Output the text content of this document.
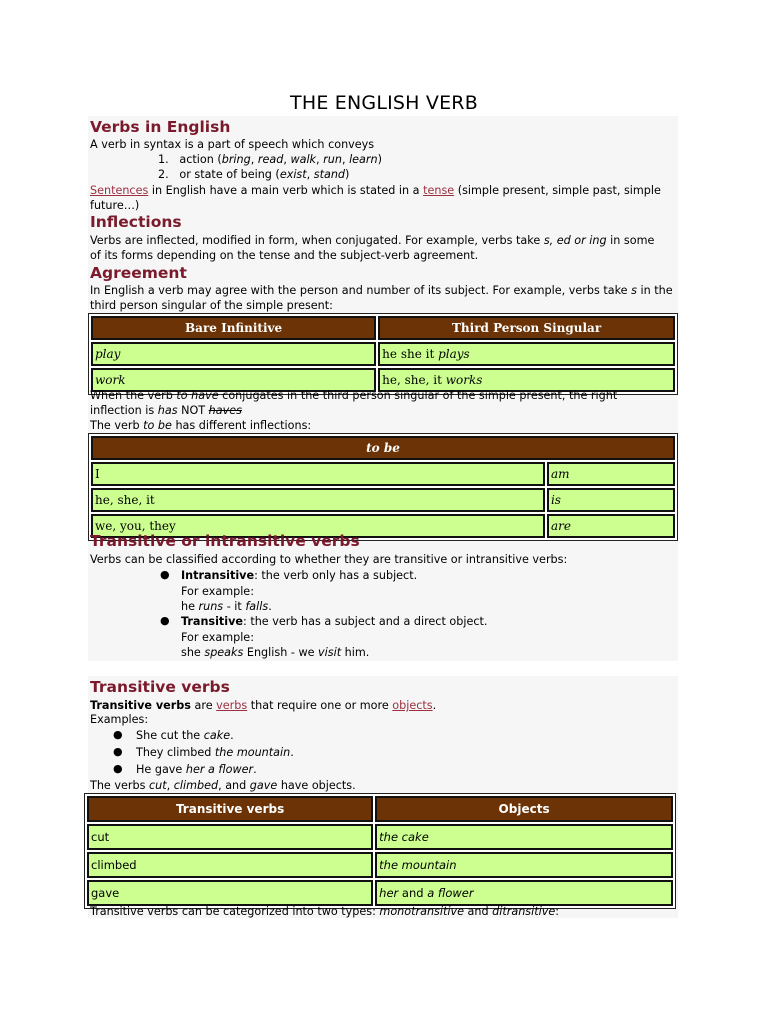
THE ENGLISH VERB
Verbs in English
A verb in syntax is a part of speech which conveys
1. action (bring, read, walk, run, learn)
2. or state of being (exist, stand)
Sentences in English have a main verb which is stated in a tense (simple present, simple past, simple
future…)
Inflections
Verbs are inflected, modified in form, when conjugated. For example, verbs take s, ed or ing in some
of its forms depending on the tense and the subject-verb agreement.
Agreement
In English a verb may agree with the person and number of its subject. For example, verbs take s in the
third person singular of the simple present:
Bare Infinitive	Third Person Singular
play	he she it plays
work	he, she, it works
When the verb to have conjugates in the third person singular of the simple present, the right
inflection is has NOT haves
The verb to be has different inflections:
to be	
I	am
he, she, it	is
we, you, they	are
Transitive or intransitive verbs
Verbs can be classified according to whether they are transitive or intransitive verbs:
● Intransitive: the verb only has a subject.
For example:
he runs - it falls.
● Transitive: the verb has a subject and a direct object.
For example:
she speaks English - we visit him.
Transitive verbs
Transitive verbs are verbs that require one or more objects.
Examples:
● She cut the cake.
● They climbed the mountain.
● He gave her a flower.
The verbs cut, climbed, and gave have objects.
Transitive verbs	Objects
cut	the cake
climbed	the mountain
gave	her and a flower
Transitive verbs can be categorized into two types: monotransitive and ditransitive:
